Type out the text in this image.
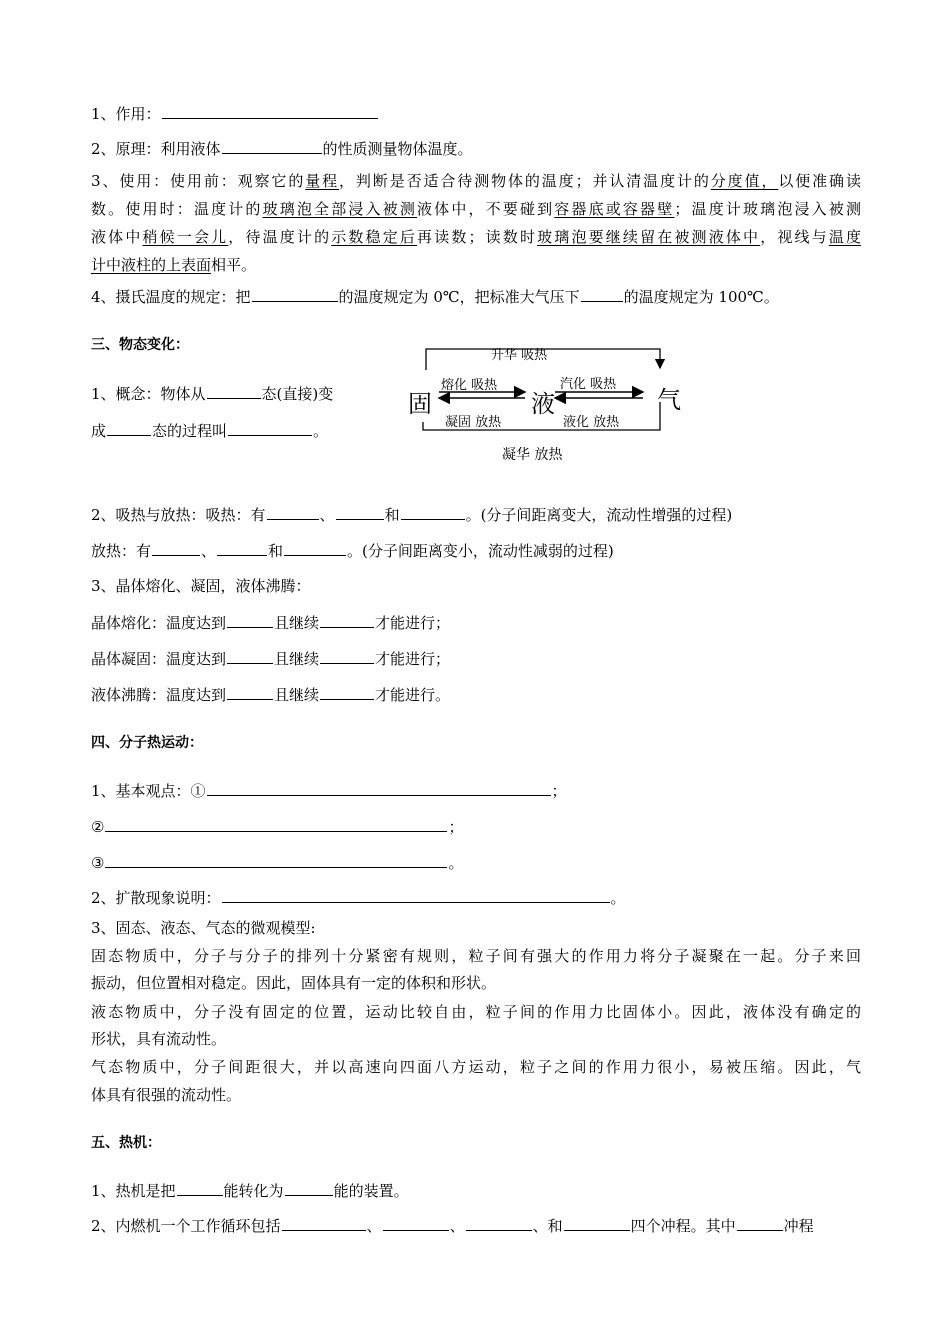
1、作用：
2、原理：利用液体	的性质测量物体温度。
3、使用：使用前：观察它的量程，判断是否适合待测物体的温度；并认清温度计的分度值，以便准确读
数。使用时：温度计的玻璃泡全部浸入被测液体中，不要碰到容器底或容器壁；温度计玻璃泡浸入被测
液体中稍候一会儿，待温度计的示数稳定后再读数；读数时玻璃泡要继续留在被测液体中，视线与温度
计中液柱的上表面相平。
4、摄氏温度的规定：把	的温度规定为 0℃，把标准大气压下	的温度规定为 100℃。
三、物态变化：
1、概念：物体从	态(直接)变
成	态的过程叫	。
固	液	气
升华 吸热
熔化 吸热	汽化 吸热
凝固 放热	液化 放热
凝华 放热
2、吸热与放热：吸热：有	、	和	。(分子间距离变大，流动性增强的过程)
放热：有	、	和	。(分子间距离变小，流动性减弱的过程)
3、晶体熔化、凝固，液体沸腾：
晶体熔化：温度达到	且继续	才能进行；
晶体凝固：温度达到	且继续	才能进行；
液体沸腾：温度达到	且继续	才能进行。
四、分子热运动：
1、基本观点：①	；
②	；
③	。
2、扩散现象说明：	。
3、固态、液态、气态的微观模型:
固态物质中，分子与分子的排列十分紧密有规则，粒子间有强大的作用力将分子凝聚在一起。分子来回
振动，但位置相对稳定。因此，固体具有一定的体积和形状。
液态物质中，分子没有固定的位置，运动比较自由，粒子间的作用力比固体小。因此，液体没有确定的
形状，具有流动性。
气态物质中，分子间距很大，并以高速向四面八方运动，粒子之间的作用力很小，易被压缩。因此，气
体具有很强的流动性。
五、热机：
1、热机是把	能转化为	能的装置。
2、内燃机一个工作循环包括	、	、	、和	四个冲程。其中	冲程
